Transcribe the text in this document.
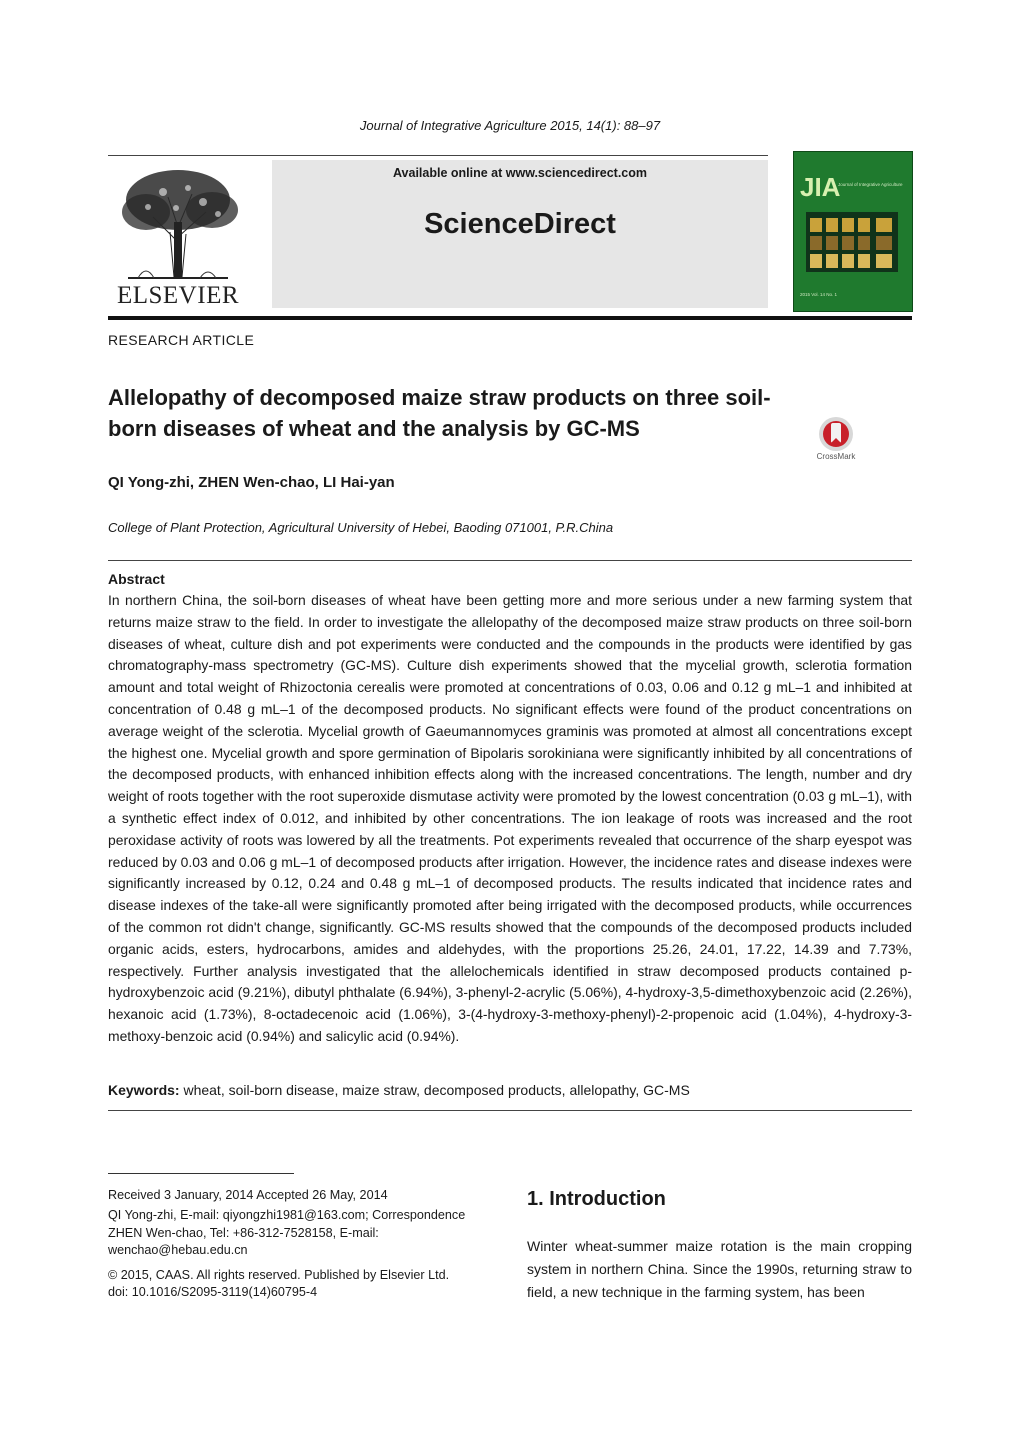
Journal of Integrative Agriculture 2015, 14(1): 88–97
ELSEVIER
Available online at www.sciencedirect.com
ScienceDirect
JIA
Journal of Integrative Agriculture
2015 Vol. 14 No. 1
RESEARCH ARTICLE
Allelopathy of decomposed maize straw products on three soil-
born diseases of wheat and the analysis by GC-MS
CrossMark
QI Yong-zhi, ZHEN Wen-chao, LI Hai-yan
College of Plant Protection, Agricultural University of Hebei, Baoding 071001, P.R.China
Abstract
In northern China, the soil-born diseases of wheat have been getting more and more serious under a new farming system that returns maize straw to the field. In order to investigate the allelopathy of the decomposed maize straw products on three soil-born diseases of wheat, culture dish and pot experiments were conducted and the compounds in the products were identified by gas chromatography-mass spectrometry (GC-MS). Culture dish experiments showed that the mycelial growth, sclerotia formation amount and total weight of Rhizoctonia cerealis were promoted at concentrations of 0.03, 0.06 and 0.12 g mL–1 and inhibited at concentration of 0.48 g mL–1 of the decomposed products. No significant effects were found of the product concentrations on average weight of the sclerotia. Mycelial growth of Gaeumannomyces graminis was promoted at almost all concentrations except the highest one. Mycelial growth and spore germination of Bipolaris sorokiniana were significantly inhibited by all concentrations of the decomposed products, with enhanced inhibition effects along with the increased concentrations. The length, number and dry weight of roots together with the root superoxide dismutase activity were promoted by the lowest concentration (0.03 g mL–1), with a synthetic effect index of 0.012, and inhibited by other concentrations. The ion leakage of roots was increased and the root peroxidase activity of roots was lowered by all the treatments. Pot experiments revealed that occurrence of the sharp eyespot was reduced by 0.03 and 0.06 g mL–1 of decomposed products after irrigation. However, the incidence rates and disease indexes were significantly increased by 0.12, 0.24 and 0.48 g mL–1 of decomposed products. The results indicated that incidence rates and disease indexes of the take-all were significantly promoted after being irrigated with the decomposed products, while occurrences of the common rot didn't change, significantly. GC-MS results showed that the compounds of the decomposed products included organic acids, esters, hydrocarbons, amides and aldehydes, with the proportions 25.26, 24.01, 17.22, 14.39 and 7.73%, respectively. Further analysis investigated that the allelochemicals identified in straw decomposed products contained p-hydroxybenzoic acid (9.21%), dibutyl phthalate (6.94%), 3-phenyl-2-acrylic (5.06%), 4-hydroxy-3,5-dimethoxybenzoic acid (2.26%), hexanoic acid (1.73%), 8-octadecenoic acid (1.06%), 3-(4-hydroxy-3-methoxy-phenyl)-2-propenoic acid (1.04%), 4-hydroxy-3-methoxy-benzoic acid (0.94%) and salicylic acid (0.94%).
Keywords: wheat, soil-born disease, maize straw, decomposed products, allelopathy, GC-MS
Received 3 January, 2014 Accepted 26 May, 2014
QI Yong-zhi, E-mail: qiyongzhi1981@163.com; Correspondence ZHEN Wen-chao, Tel: +86-312-7528158, E-mail: wenchao@hebau.edu.cn
© 2015, CAAS. All rights reserved. Published by Elsevier Ltd.
doi: 10.1016/S2095-3119(14)60795-4
1. Introduction
Winter wheat-summer maize rotation is the main cropping system in northern China. Since the 1990s, returning straw to field, a new technique in the farming system, has been
